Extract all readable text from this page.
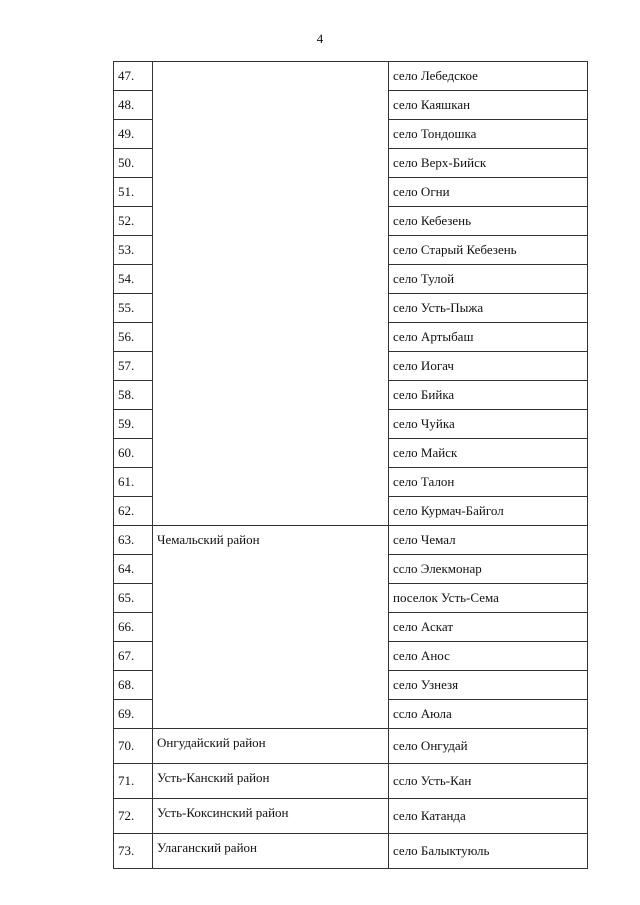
4
47.		село Лебедское
48.		село Каяшкан
49.		село Тондошка
50.		село Верх-Бийск
51.		село Огни
52.		село Кебезень
53.		село Старый Кебезень
54.		село Тулой
55.		село Усть-Пыжа
56.		село Артыбаш
57.		село Иогач
58.		село Бийка
59.		село Чуйка
60.		село Майск
61.		село Талон
62.		село Курмач-Байгол
63.	Чемальский район	село Чемал
64.		ссло Элекмонар
65.		поселок Усть-Сема
66.		село Аскат
67.		село Анос
68.		село Узнезя
69.		ссло Аюла
70.	Онгудайский район	село Онгудай
71.	Усть-Канский район	ссло Усть-Кан
72.	Усть-Коксинский район	село Катанда
73.	Улаганский район	село Балыктуюль
